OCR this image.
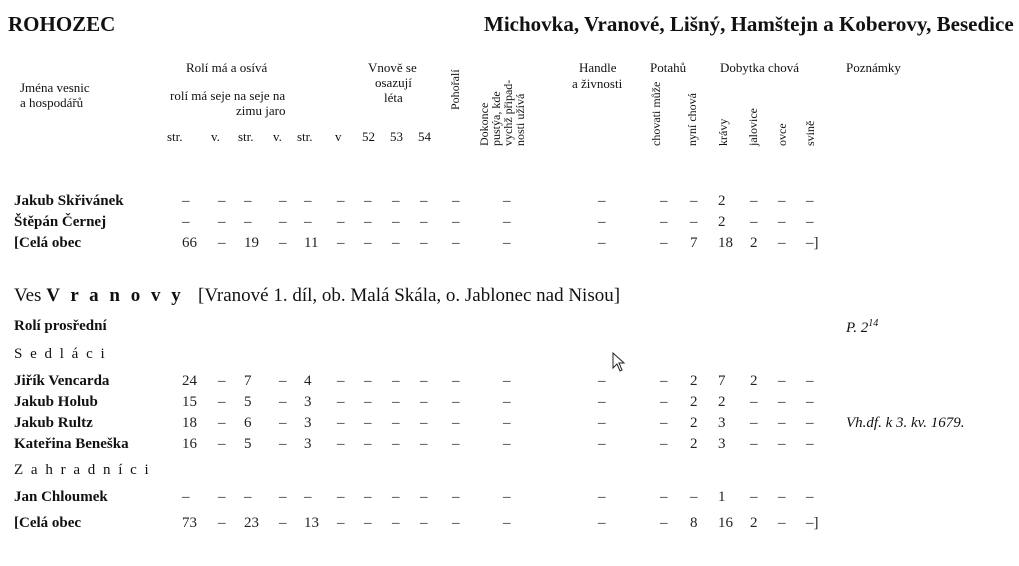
ROHOZEC	Michovka, Vranové, Lišný, Hamštejn a Koberovy, Besedice
Jména vesnic
a hospodářů
Rolí má a osívá
rolí má seje na seje na
zimu jaro
str. v. str. v. str. v
Vnově se
osazují
léta
52 53 54
Pohořalí
Dokonce
pustýa, kde
vychž připad-
nosti užívá
Handle
a živnosti
Potahů
chovati může nyní chová
Dobytka chová
krávy jalovice ovce svině
Poznámky
Jakub Skřivánek	– – – – – – – – – –	–	–	– – 2 – – –
Štěpán Černej	– – – – – – – – – –	–	–	– – 2 – – –
[Celá obec	66 – 19 – 11 – – – – –	–	–	– 7 18 2 – –]
Ves V r a n o v y [Vranové 1. díl, ob. Malá Skála, o. Jablonec nad Nisou]
Rolí prosřední	P. $2^{14}$
S e d l á c i
Jiřík Vencarda	24 – 7 – 4 – – – – –	–	–	– 2 7 2 – –
Jakub Holub	15 – 5 – 3 – – – – –	–	–	– 2 2 – – –
Jakub Rultz	18 – 6 – 3 – – – – –	–	–	– 2 3 – – – Vh.df. k 3. kv. 1679.
Kateřina Beneška	16 – 5 – 3 – – – – –	–	–	– 2 3 – – –
Z a h r a d n í c i
Jan Chloumek	– – – – – – – – – –	–	–	– – 1 – – –
[Celá obec	73 – 23 – 13 – – – – –	–	–	– 8 16 2 – –]
